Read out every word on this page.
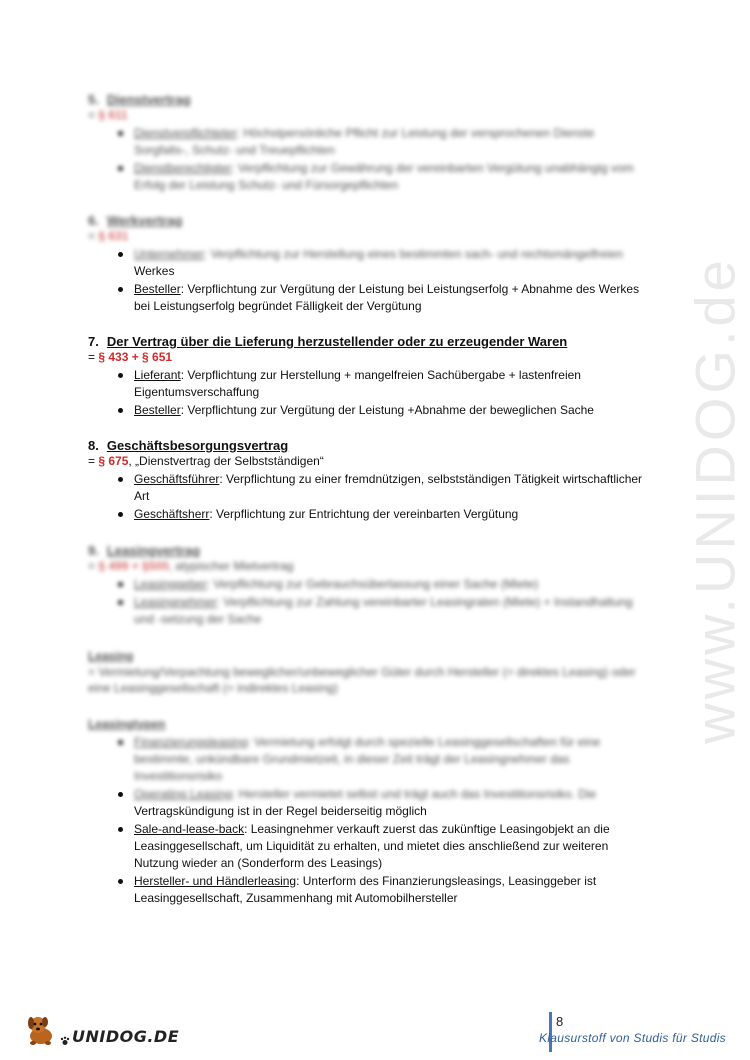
www.UNIDOG.de
5. Dienstvertrag
= § 611
Dienstverpflichteter: Höchstpersönliche Pflicht zur Leistung der versprochenen Dienste Sorgfalts-, Schutz- und Treuepflichten
Dienstberechtigter: Verpflichtung zur Gewährung der vereinbarten Vergütung unabhängig vom Erfolg der Leistung Schutz- und Fürsorgepflichten
6. Werkvertrag
= § 631
Unternehmer: Verpflichtung zur Herstellung eines bestimmten sach- und rechtsmängelfreien
Werkes
Besteller: Verpflichtung zur Vergütung der Leistung bei Leistungserfolg + Abnahme des Werkes bei Leistungserfolg begründet Fälligkeit der Vergütung
7. Der Vertrag über die Lieferung herzustellender oder zu erzeugender Waren
= § 433 + § 651
Lieferant: Verpflichtung zur Herstellung + mangelfreien Sachübergabe + lastenfreien Eigentumsverschaffung
Besteller: Verpflichtung zur Vergütung der Leistung +Abnahme der beweglichen Sache
8. Geschäftsbesorgungsvertrag
= § 675, „Dienstvertrag der Selbstständigen“
Geschäftsführer: Verpflichtung zu einer fremdnützigen, selbstständigen Tätigkeit wirtschaftlicher Art
Geschäftsherr: Verpflichtung zur Entrichtung der vereinbarten Vergütung
9. Leasingvertrag
= § 499 + §500, atypischer Mietvertrag
Leasinggeber: Verpflichtung zur Gebrauchsüberlassung einer Sache (Miete)
Leasingnehmer: Verpflichtung zur Zahlung vereinbarter Leasingraten (Miete) + Instandhaltung und -setzung der Sache
Leasing
= Vermietung/Verpachtung beweglicher/unbeweglicher Güter durch Hersteller (= direktes Leasing) oder eine Leasinggesellschaft (= indirektes Leasing)
Leasingtypen
Finanzierungsleasing: Vermietung erfolgt durch spezielle Leasinggesellschaften für eine bestimmte, unkündbare Grundmietzeit, in dieser Zeit trägt der Leasingnehmer das Investitionsrisiko
Operating Leasing: Hersteller vermietet selbst und trägt auch das Investitionsrisiko. Die
Vertragskündigung ist in der Regel beiderseitig möglich
Sale-and-lease-back: Leasingnehmer verkauft zuerst das zukünftige Leasingobjekt an die Leasinggesellschaft, um Liquidität zu erhalten, und mietet dies anschließend zur weiteren Nutzung wieder an (Sonderform des Leasings)
Hersteller- und Händlerleasing: Unterform des Finanzierungsleasings, Leasinggeber ist Leasinggesellschaft, Zusammenhang mit Automobilhersteller
UNIDOG.DE
8
Klausurstoff von Studis für Studis
